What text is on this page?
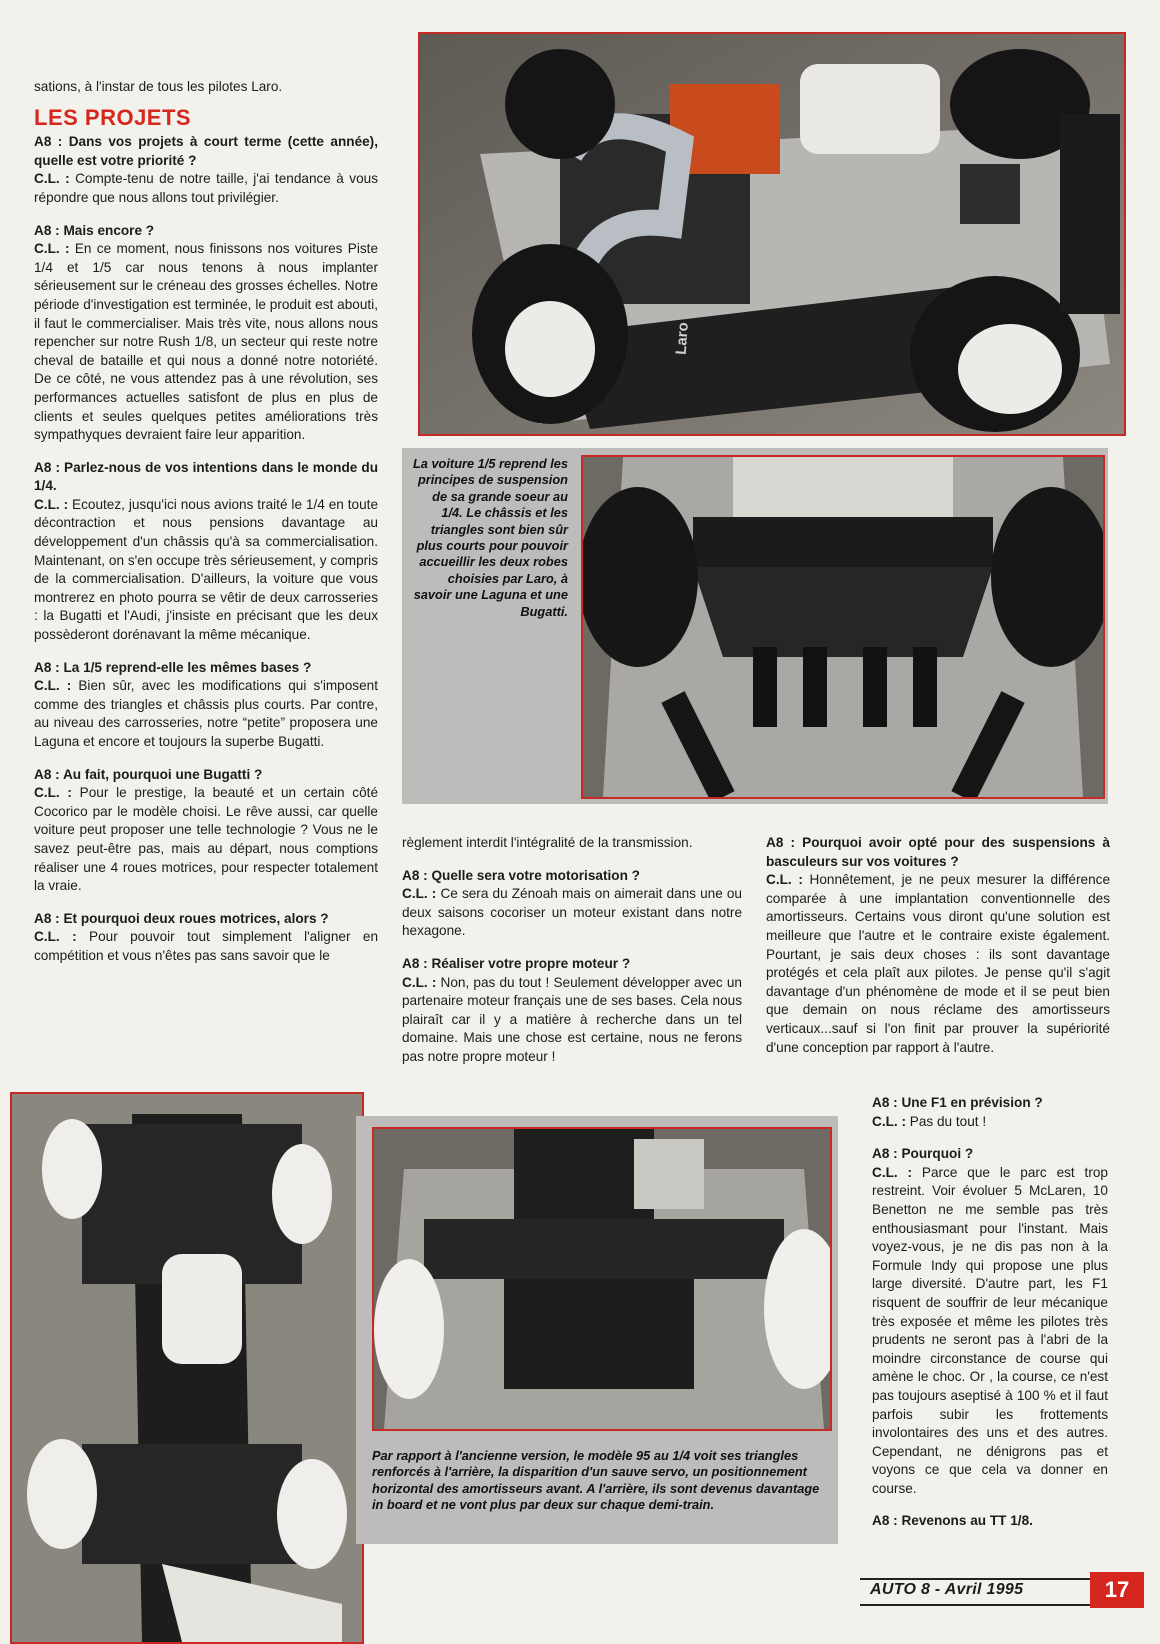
sations, à l'instar de tous les pilotes Laro.

LES PROJETS

A8 : Dans vos projets à court terme (cette année), quelle est votre priorité ?
C.L. : Compte-tenu de notre taille, j'ai tendance à vous répondre que nous allons tout privilégier.

A8 : Mais encore ?
C.L. : En ce moment, nous finissons nos voitures Piste 1/4 et 1/5 car nous tenons à nous implanter sérieusement sur le créneau des grosses échelles. Notre période d'investigation est terminée, le produit est abouti, il faut le commercialiser. Mais très vite, nous allons nous repencher sur notre Rush 1/8, un secteur qui reste notre cheval de bataille et qui nous a donné notre notoriété. De ce côté, ne vous attendez pas à une révolution, ses performances actuelles satisfont de plus en plus de clients et seules quelques petites améliorations très sympathyques devraient faire leur apparition.

A8 : Parlez-nous de vos intentions dans le monde du 1/4.
C.L. : Ecoutez, jusqu'ici nous avions traité le 1/4 en toute décontraction et nous pensions davantage au développement d'un châssis qu'à sa commercialisation. Maintenant, on s'en occupe très sérieusement, y compris de la commercialisation. D'ailleurs, la voiture que vous montrerez en photo pourra se vêtir de deux carrosseries : la Bugatti et l'Audi, j'insiste en précisant que les deux possèderont dorénavant la même mécanique.

A8 : La 1/5 reprend-elle les mêmes bases ?
C.L. : Bien sûr, avec les modifications qui s'imposent comme des triangles et châssis plus courts. Par contre, au niveau des carrosseries, notre “petite” proposera une Laguna et encore et toujours la superbe Bugatti.

A8 : Au fait, pourquoi une Bugatti ?
C.L. : Pour le prestige, la beauté et un certain côté Cocorico par le modèle choisi. Le rêve aussi, car quelle voiture peut proposer une telle technologie ? Vous ne le savez peut-être pas, mais au départ, nous comptions réaliser une 4 roues motrices, pour respecter totalement la vraie.

A8 : Et pourquoi deux roues motrices, alors ?
C.L. : Pour pouvoir tout simplement l'aligner en compétition et vous n'êtes pas sans savoir que le

Laro
La voiture 1/5 reprend les principes de suspension de sa grande soeur au 1/4. Le châssis et les triangles sont bien sûr plus courts pour pouvoir accueillir les deux robes choisies par Laro, à savoir une Laguna et une Bugatti.

règlement interdit l'intégralité de la transmission.

A8 : Quelle sera votre motorisation ?
C.L. : Ce sera du Zénoah mais on aimerait dans une ou deux saisons cocoriser un moteur existant dans notre hexagone.

A8 : Réaliser votre propre moteur ?
C.L. : Non, pas du tout ! Seulement développer avec un partenaire moteur français une de ses bases. Cela nous plairaît car il y a matière à recherche dans un tel domaine. Mais une chose est certaine, nous ne ferons pas notre propre moteur !

A8 : Pourquoi avoir opté pour des suspensions à basculeurs sur vos voitures ?
C.L. : Honnêtement, je ne peux mesurer la différence comparée à une implantation conventionnelle des amortisseurs. Certains vous diront qu'une solution est meilleure que l'autre et le contraire existe également. Pourtant, je sais deux choses : ils sont davantage protégés et cela plaît aux pilotes. Je pense qu'il s'agit davantage d'un phénomène de mode et il se peut bien que demain on nous réclame des amortisseurs verticaux...sauf si l'on finit par prouver la supériorité d'une conception par rapport à l'autre.

Par rapport à l'ancienne version, le modèle 95 au 1/4 voit ses triangles renforcés à l'arrière, la disparition d'un sauve servo, un positionnement horizontal des amortisseurs avant. A l'arrière, ils sont devenus davantage in board et ne vont plus par deux sur chaque demi-train.

A8 : Une F1 en prévision ?
C.L. : Pas du tout !

A8 : Pourquoi ?
C.L. : Parce que le parc est trop restreint. Voir évoluer 5 McLaren, 10 Benetton ne me semble pas très enthousiasmant pour l'instant. Mais voyez-vous, je ne dis pas non à la Formule Indy qui propose une plus large diversité. D'autre part, les F1 risquent de souffrir de leur mécanique très exposée et même les pilotes très prudents ne seront pas à l'abri de la moindre circonstance de course qui amène le choc. Or , la course, ce n'est pas toujours aseptisé à 100 % et il faut parfois subir les frottements involontaires des uns et des autres. Cependant, ne dénigrons pas et voyons ce que cela va donner en course.

A8 : Revenons au TT 1/8.

AUTO 8 - Avril 1995	17
